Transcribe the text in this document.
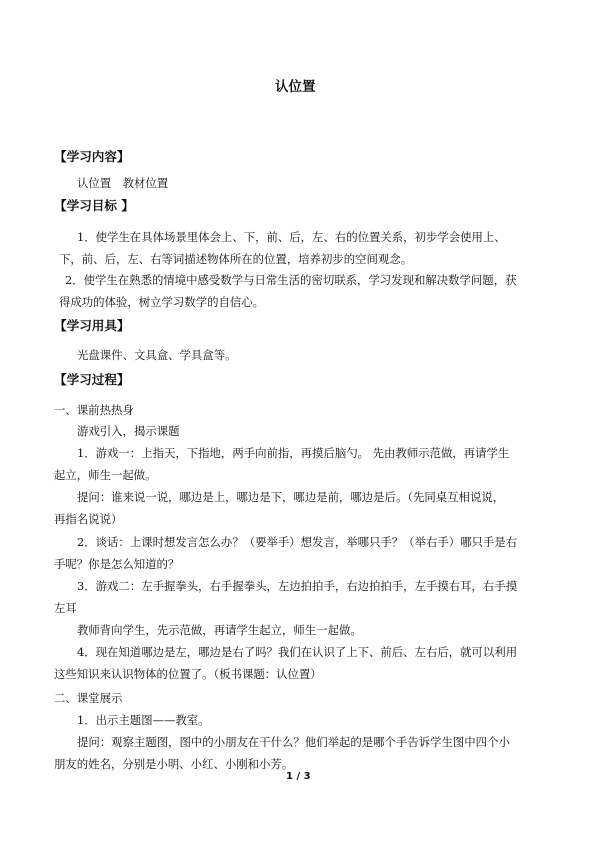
认位置
【学习内容】
认位置　教材位置
【学习目标 】
1．使学生在具体场景里体会上、下，前、后，左、右的位置关系，初步学会使用上、
下，前、后，左、右等词描述物体所在的位置，培养初步的空间观念。
2．使学生在熟悉的情境中感受数学与日常生活的密切联系，学习发现和解决数学问题，获
得成功的体验，树立学习数学的自信心。
【学习用具】
光盘课件、文具盒、学具盒等。
【学习过程】
一、课前热热身
游戏引入，揭示课题
1．游戏一：上指天，下指地，两手向前指，再摸后脑勺。 先由教师示范做，再请学生
起立，师生一起做。
提问：谁来说一说，哪边是上，哪边是下，哪边是前，哪边是后。（先同桌互相说说，
再指名说说）
2．谈话：上课时想发言怎么办？（要举手）想发言，举哪只手？（举右手）哪只手是右
手呢？你是怎么知道的？
3．游戏二：左手握拳头，右手握拳头，左边拍拍手，右边拍拍手，左手摸右耳，右手摸
左耳
教师背向学生，先示范做，再请学生起立，师生一起做。
4．现在知道哪边是左，哪边是右了吗？我们在认识了上下、前后、左右后，就可以利用
这些知识来认识物体的位置了。（板书课题：认位置）
二、课堂展示
1．出示主题图——教室。
提问：观察主题图，图中的小朋友在干什么？他们举起的是哪个手告诉学生图中四个小
朋友的姓名，分别是小明、小红、小刚和小芳。
1 / 3
